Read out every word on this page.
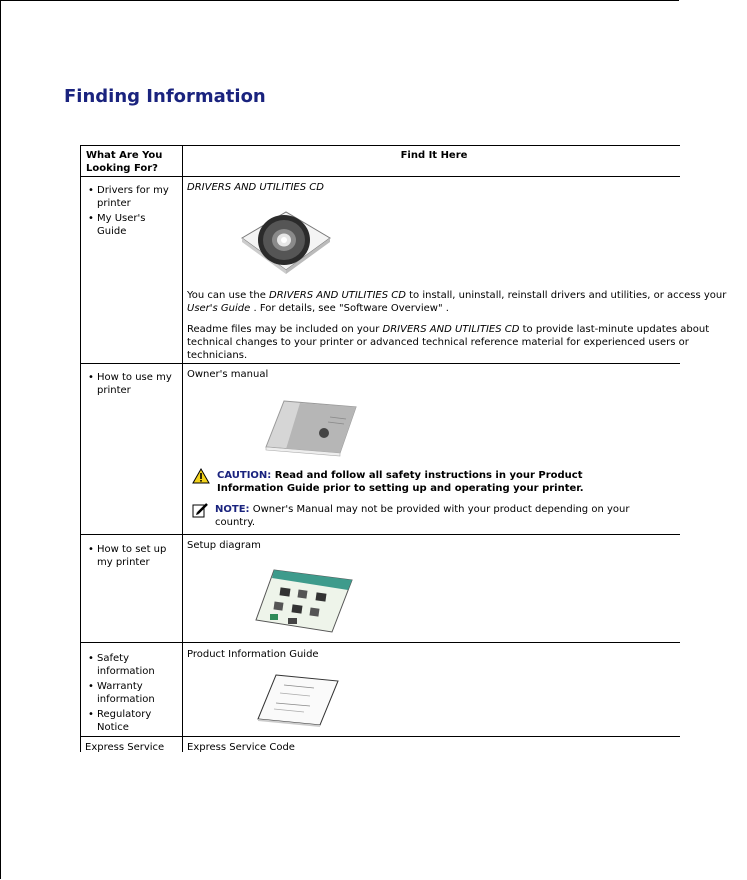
Finding Information
What Are You Looking For?
Find It Here
• Drivers for my printer
• My User's Guide
DRIVERS AND UTILITIES CD
You can use the DRIVERS AND UTILITIES CD to install, uninstall, reinstall drivers and utilities, or access your User's Guide . For details, see "Software Overview" .
Readme files may be included on your DRIVERS AND UTILITIES CD to provide last-minute updates about technical changes to your printer or advanced technical reference material for experienced users or technicians.
• How to use my printer
Owner's manual
CAUTION: Read and follow all safety instructions in your Product Information Guide prior to setting up and operating your printer.
NOTE: Owner's Manual may not be provided with your product depending on your country.
• How to set up my printer
Setup diagram
• Safety information
• Warranty information
• Regulatory Notice
Product Information Guide
Express Service	Express Service Code
